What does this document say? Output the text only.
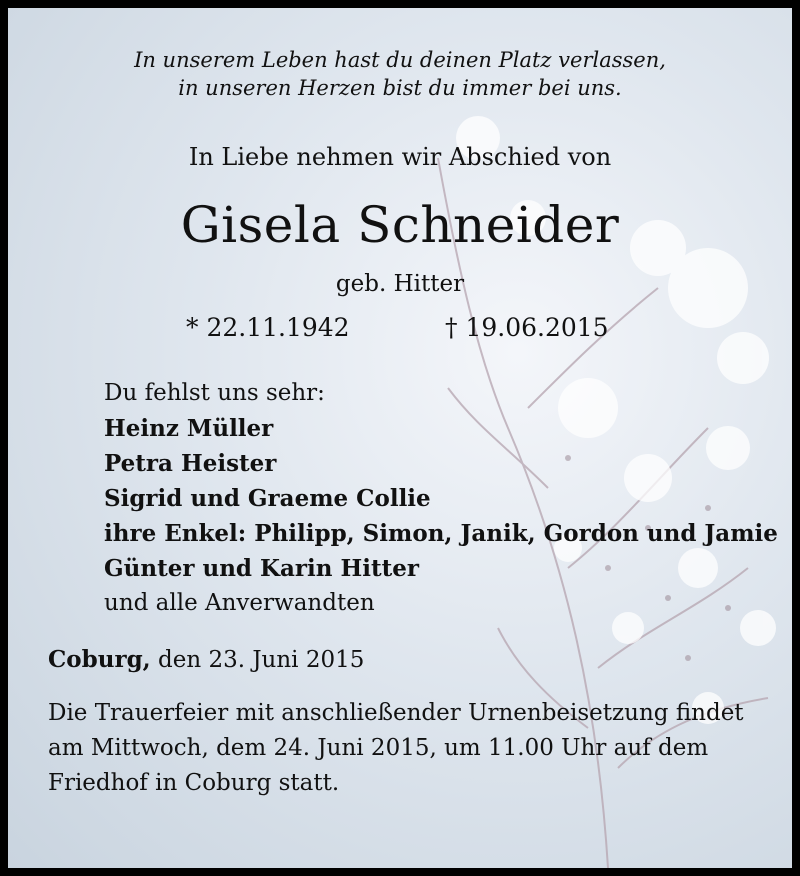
In unserem Leben hast du deinen Platz verlassen,
in unseren Herzen bist du immer bei uns.
In Liebe nehmen wir Abschied von
Gisela Schneider
geb. Hitter
* 22.11.1942	† 19.06.2015
Du fehlst uns sehr:
Heinz Müller
Petra Heister
Sigrid und Graeme Collie
ihre Enkel: Philipp, Simon, Janik, Gordon und Jamie
Günter und Karin Hitter
und alle Anverwandten
Coburg, den 23. Juni 2015
Die Trauerfeier mit anschließender Urnenbeisetzung findet
am Mittwoch, dem 24. Juni 2015, um 11.00 Uhr auf dem
Friedhof in Coburg statt.
